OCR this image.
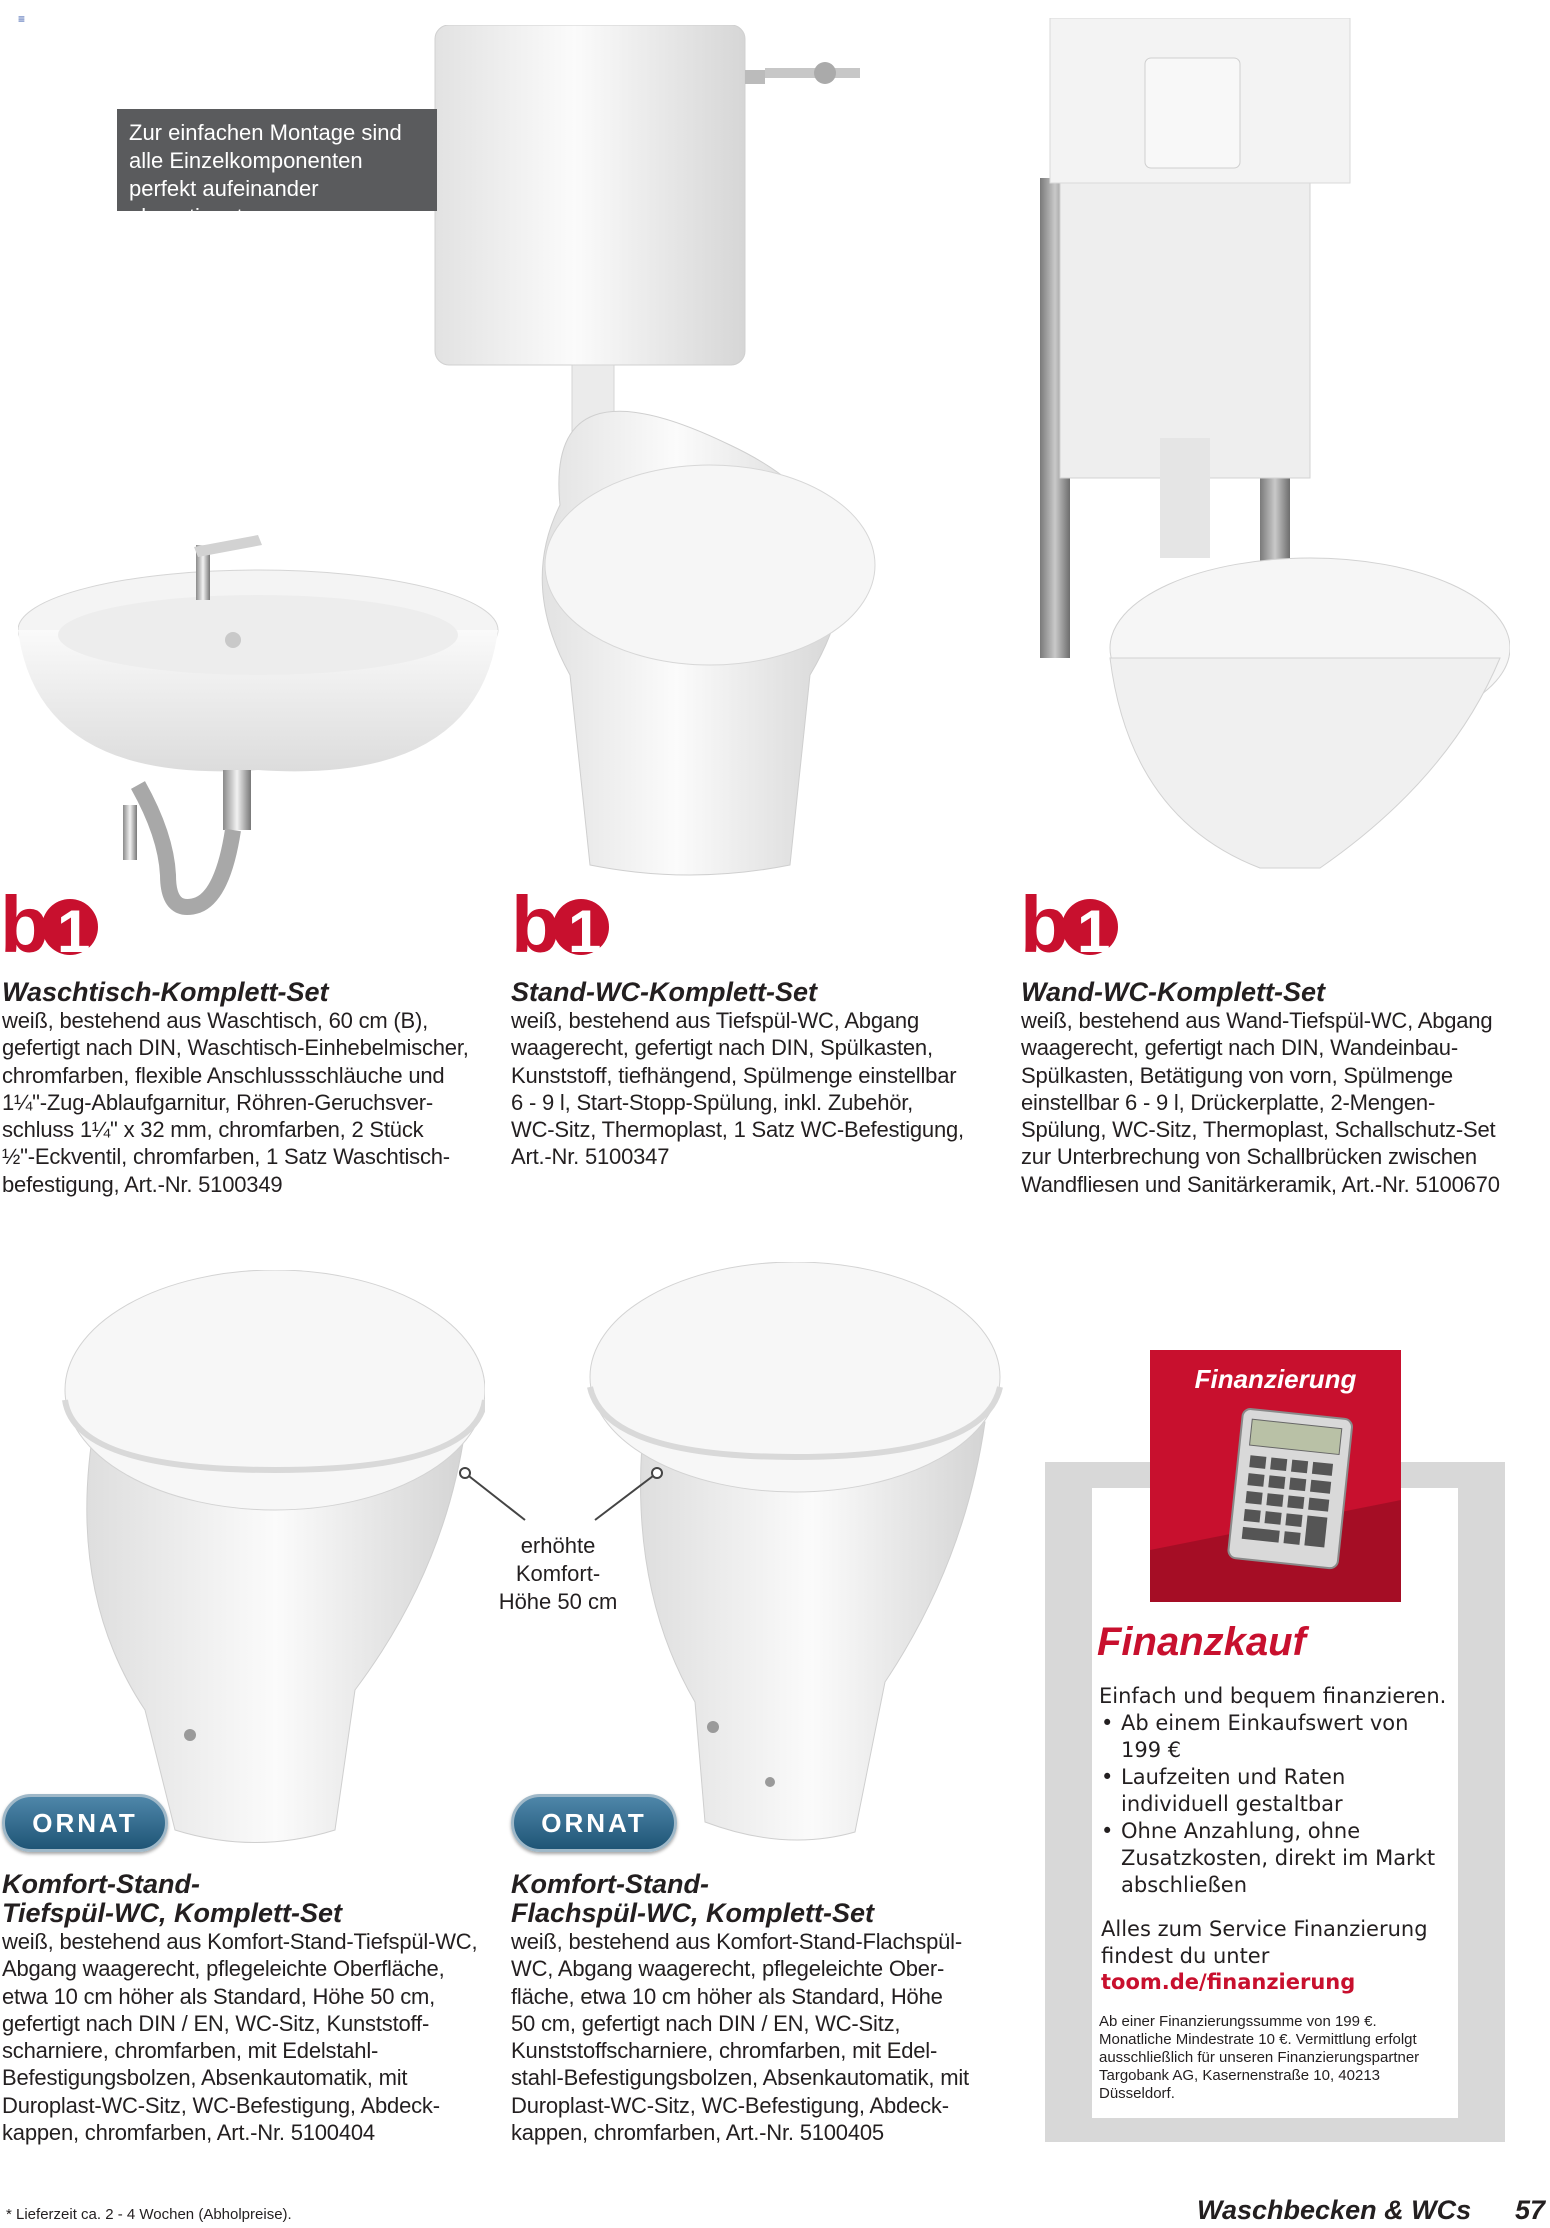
≡
Zur einfachen Montage sind alle Einzelkomponenten perfekt aufeinander abgestimmt.
b 1	b 1	b 1
Waschtisch-Komplett-Set
weiß, bestehend aus Waschtisch, 60 cm (B),
gefertigt nach DIN, Waschtisch-Einhebelmischer,
chromfarben, flexible Anschlussschläuche und
1¼"-Zug-Ablaufgarnitur, Röhren-Geruchsver-
schluss 1¼" x 32 mm, chromfarben, 2 Stück
½"-Eckventil, chromfarben, 1 Satz Waschtisch-
befestigung, Art.-Nr. 5100349
Stand-WC-Komplett-Set
weiß, bestehend aus Tiefspül-WC, Abgang
waagerecht, gefertigt nach DIN, Spülkasten,
Kunststoff, tiefhängend, Spülmenge einstellbar
6 - 9 l, Start-Stopp-Spülung, inkl. Zubehör,
WC-Sitz, Thermoplast, 1 Satz WC-Befestigung,
Art.-Nr. 5100347
Wand-WC-Komplett-Set
weiß, bestehend aus Wand-Tiefspül-WC, Abgang
waagerecht, gefertigt nach DIN, Wandeinbau-
Spülkasten, Betätigung von vorn, Spülmenge
einstellbar 6 - 9 l, Drückerplatte, 2-Mengen-
Spülung, WC-Sitz, Thermoplast, Schallschutz-Set
zur Unterbrechung von Schallbrücken zwischen
Wandfliesen und Sanitärkeramik, Art.-Nr. 5100670
erhöhte Komfort-
Höhe 50 cm
ORNAT	ORNAT
Komfort-Stand-
Tiefspül-WC, Komplett-Set
weiß, bestehend aus Komfort-Stand-Tiefspül-WC,
Abgang waagerecht, pflegeleichte Oberfläche,
etwa 10 cm höher als Standard, Höhe 50 cm,
gefertigt nach DIN / EN, WC-Sitz, Kunststoff-
scharniere, chromfarben, mit Edelstahl-
Befestigungsbolzen, Absenkautomatik, mit
Duroplast-WC-Sitz, WC-Befestigung, Abdeck-
kappen, chromfarben, Art.-Nr. 5100404
Komfort-Stand-
Flachspül-WC, Komplett-Set
weiß, bestehend aus Komfort-Stand-Flachspül-
WC, Abgang waagerecht, pflegeleichte Ober-
fläche, etwa 10 cm höher als Standard, Höhe
50 cm, gefertigt nach DIN / EN, WC-Sitz,
Kunststoffscharniere, chromfarben, mit Edel-
stahl-Befestigungsbolzen, Absenkautomatik, mit
Duroplast-WC-Sitz, WC-Befestigung, Abdeck-
kappen, chromfarben, Art.-Nr. 5100405
Finanzierung
Finanzkauf
Einfach und bequem finanzieren.
• Ab einem Einkaufswert von 199 €
• Laufzeiten und Raten individuell gestaltbar
• Ohne Anzahlung, ohne Zusatzkosten, direkt im Markt abschließen
Alles zum Service Finanzierung findest du unter
toom.de/finanzierung
Ab einer Finanzierungssumme von 199 €. Monatliche Mindestrate 10 €. Vermittlung erfolgt ausschließlich für unseren Finanzierungspartner Targobank AG, Kasernenstraße 10, 40213 Düsseldorf.
* Lieferzeit ca. 2 - 4 Wochen (Abholpreise).	Waschbecken & WCs 57
